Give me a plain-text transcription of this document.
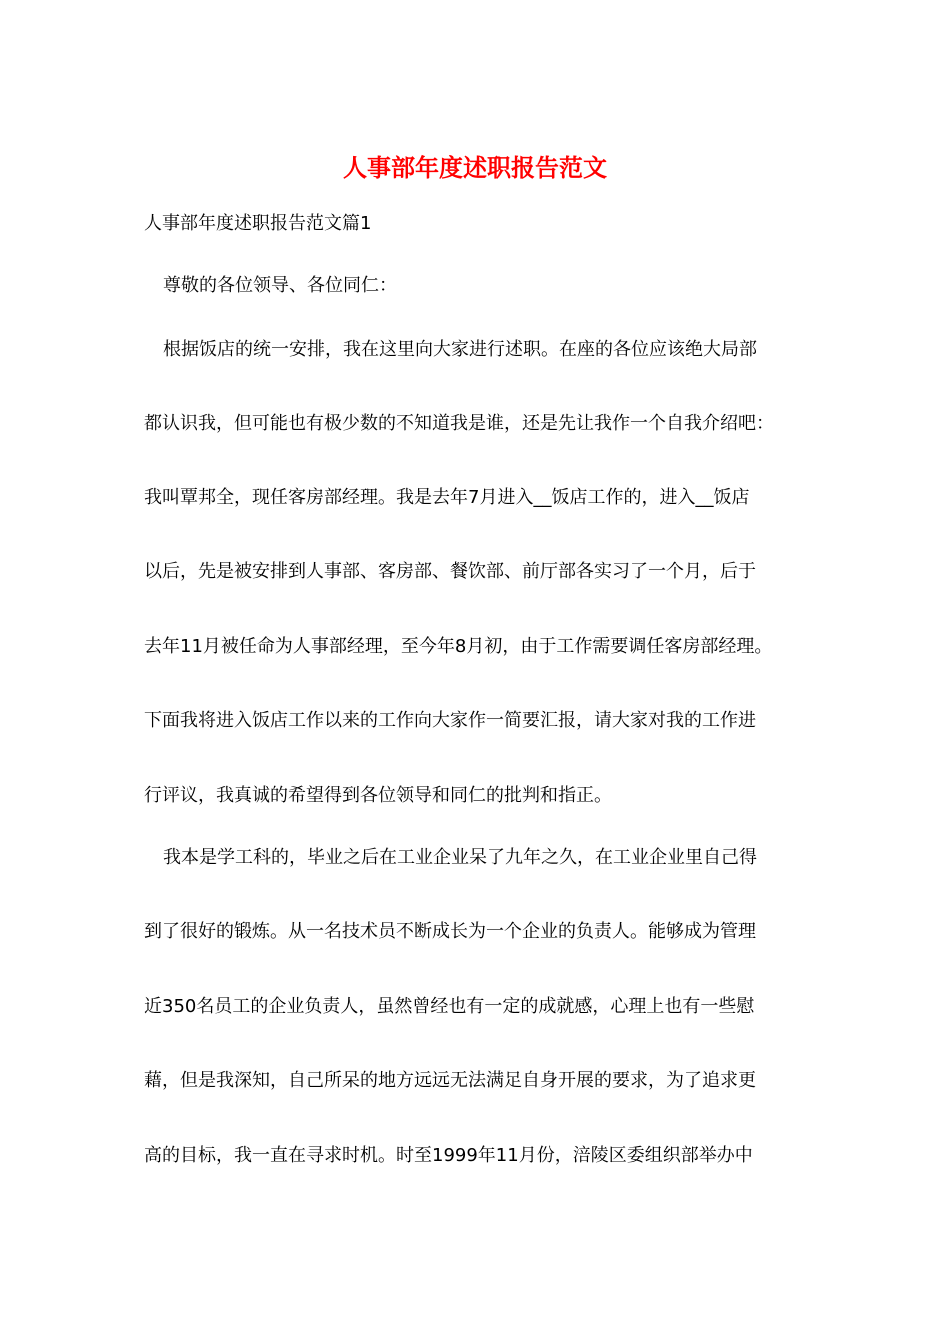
人事部年度述职报告范文

人事部年度述职报告范文篇1

尊敬的各位领导、各位同仁：

根据饭店的统一安排，我在这里向大家进行述职。在座的各位应该绝大局部

都认识我，但可能也有极少数的不知道我是谁，还是先让我作一个自我介绍吧：

我叫覃邦全，现任客房部经理。我是去年7月进入__饭店工作的，进入__饭店

以后，先是被安排到人事部、客房部、餐饮部、前厅部各实习了一个月，后于

去年11月被任命为人事部经理，至今年8月初，由于工作需要调任客房部经理。

下面我将进入饭店工作以来的工作向大家作一简要汇报，请大家对我的工作进

行评议，我真诚的希望得到各位领导和同仁的批判和指正。

我本是学工科的，毕业之后在工业企业呆了九年之久，在工业企业里自己得

到了很好的锻炼。从一名技术员不断成长为一个企业的负责人。能够成为管理

近350名员工的企业负责人，虽然曾经也有一定的成就感，心理上也有一些慰

藉，但是我深知，自己所呆的地方远远无法满足自身开展的要求，为了追求更

高的目标，我一直在寻求时机。时至1999年11月份，涪陵区委组织部举办中
